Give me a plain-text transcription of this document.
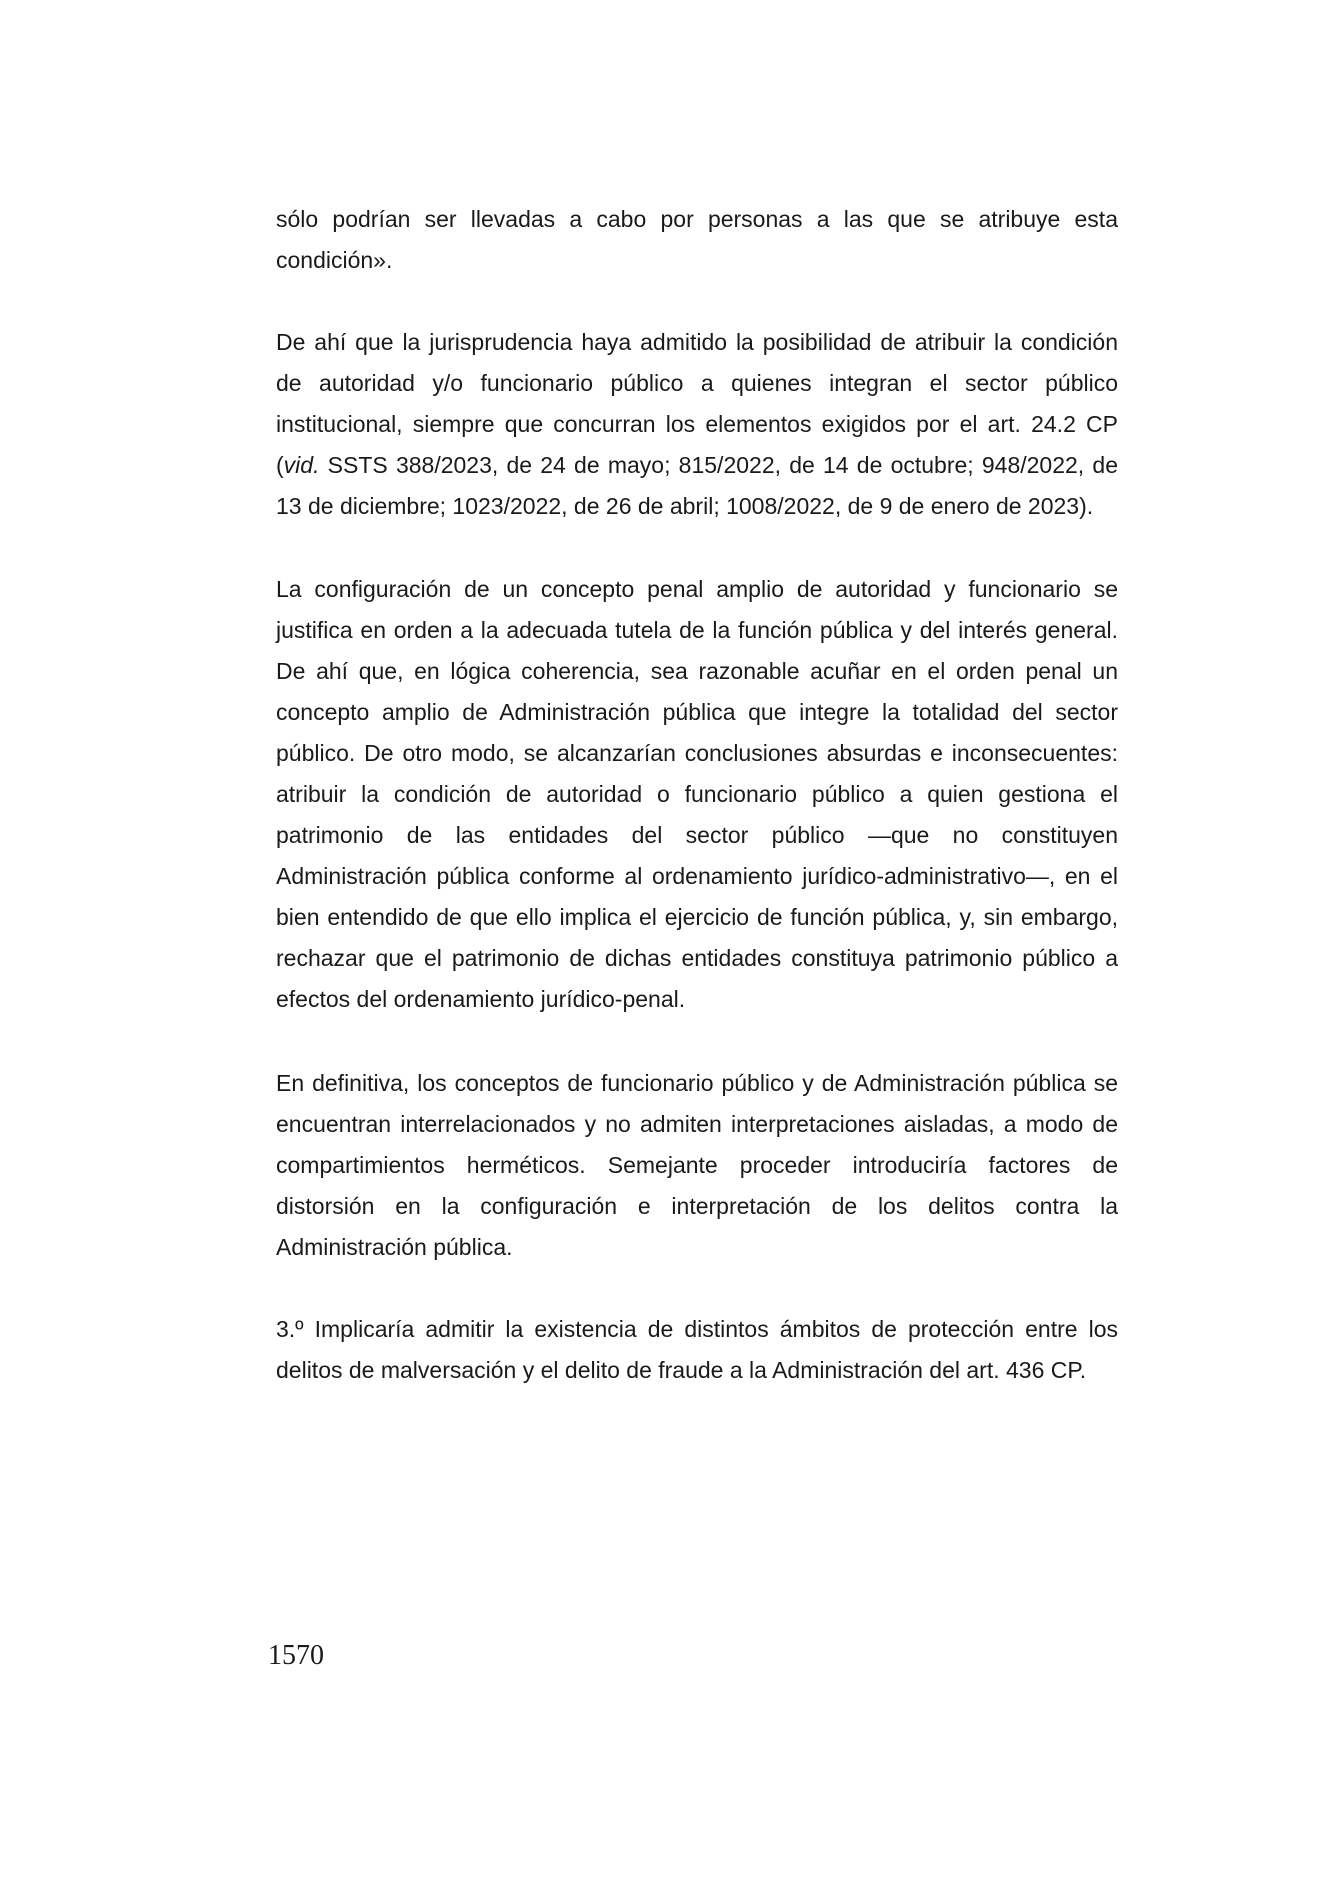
sólo podrían ser llevadas a cabo por personas a las que se atribuye esta condición».

De ahí que la jurisprudencia haya admitido la posibilidad de atribuir la condición de autoridad y/o funcionario público a quienes integran el sector público institucional, siempre que concurran los elementos exigidos por el art. 24.2 CP (vid. SSTS 388/2023, de 24 de mayo; 815/2022, de 14 de octubre; 948/2022, de 13 de diciembre; 1023/2022, de 26 de abril; 1008/2022, de 9 de enero de 2023).

La configuración de un concepto penal amplio de autoridad y funcionario se justifica en orden a la adecuada tutela de la función pública y del interés general. De ahí que, en lógica coherencia, sea razonable acuñar en el orden penal un concepto amplio de Administración pública que integre la totalidad del sector público. De otro modo, se alcanzarían conclusiones absurdas e inconsecuentes: atribuir la condición de autoridad o funcionario público a quien gestiona el patrimonio de las entidades del sector público —que no constituyen Administración pública conforme al ordenamiento jurídico-administrativo—, en el bien entendido de que ello implica el ejercicio de función pública, y, sin embargo, rechazar que el patrimonio de dichas entidades constituya patrimonio público a efectos del ordenamiento jurídico-penal.

En definitiva, los conceptos de funcionario público y de Administración pública se encuentran interrelacionados y no admiten interpretaciones aisladas, a modo de compartimientos herméticos. Semejante proceder introduciría factores de distorsión en la configuración e interpretación de los delitos contra la Administración pública.

3.º Implicaría admitir la existencia de distintos ámbitos de protección entre los delitos de malversación y el delito de fraude a la Administración del art. 436 CP.

1570
